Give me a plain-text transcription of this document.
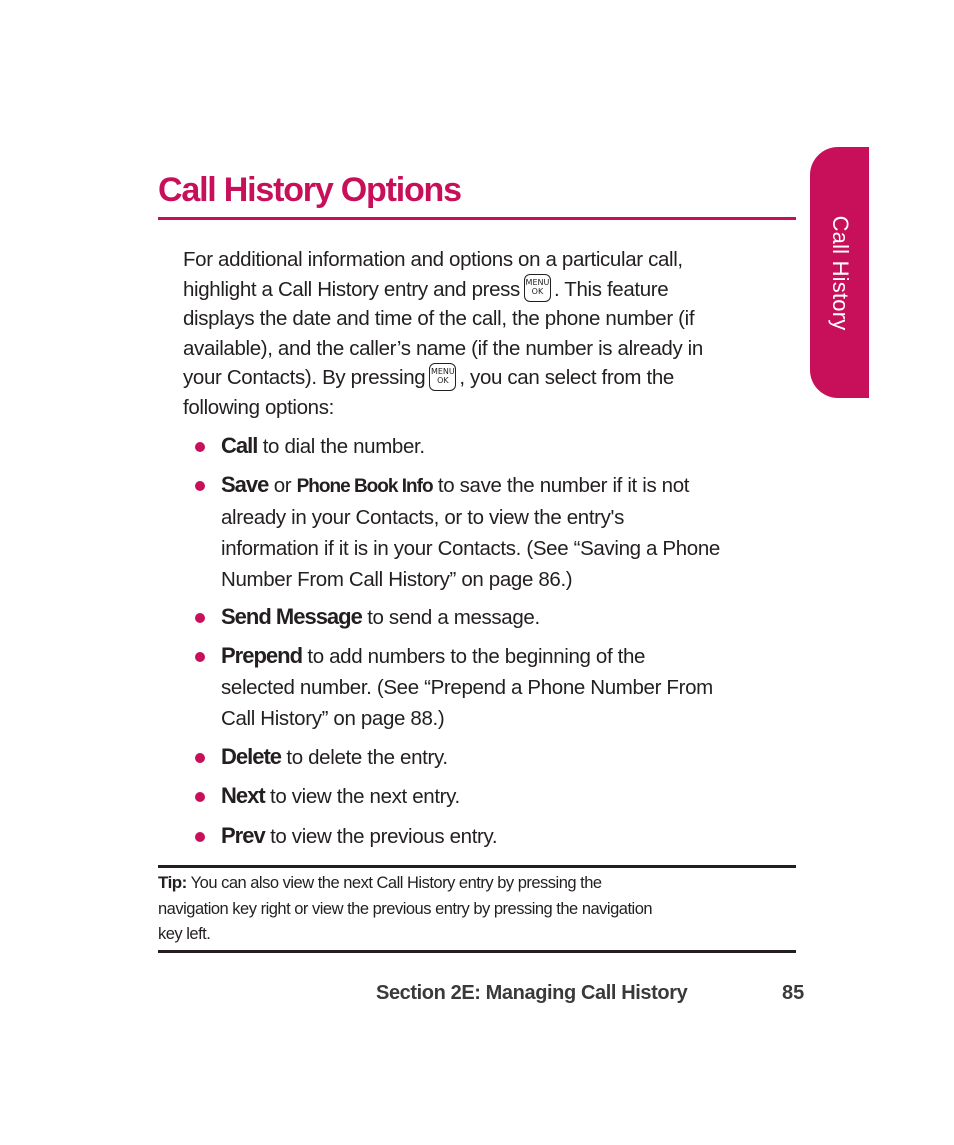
Call History
Call History Options

For additional information and options on a particular call,

highlight a Call History entry and press MENU
OK . This feature

displays the date and time of the call, the phone number (if

available), and the caller’s name (if the number is already in

your Contacts). By pressing MENU
OK , you can select from the

following options:

Call to dial the number.
Save or Phone Book Info to save the number if it is not
already in your Contacts, or to view the entry's
information if it is in your Contacts. (See “Saving a Phone
Number From Call History” on page 86.)
Send Message to send a message.
Prepend to add numbers to the beginning of the
selected number. (See “Prepend a Phone Number From
Call History” on page 88.)
Delete to delete the entry.
Next to view the next entry.
Prev to view the previous entry.

Tip: You can also view the next Call History entry by pressing the
navigation key right or view the previous entry by pressing the navigation
key left.

Section 2E: Managing Call History	85
